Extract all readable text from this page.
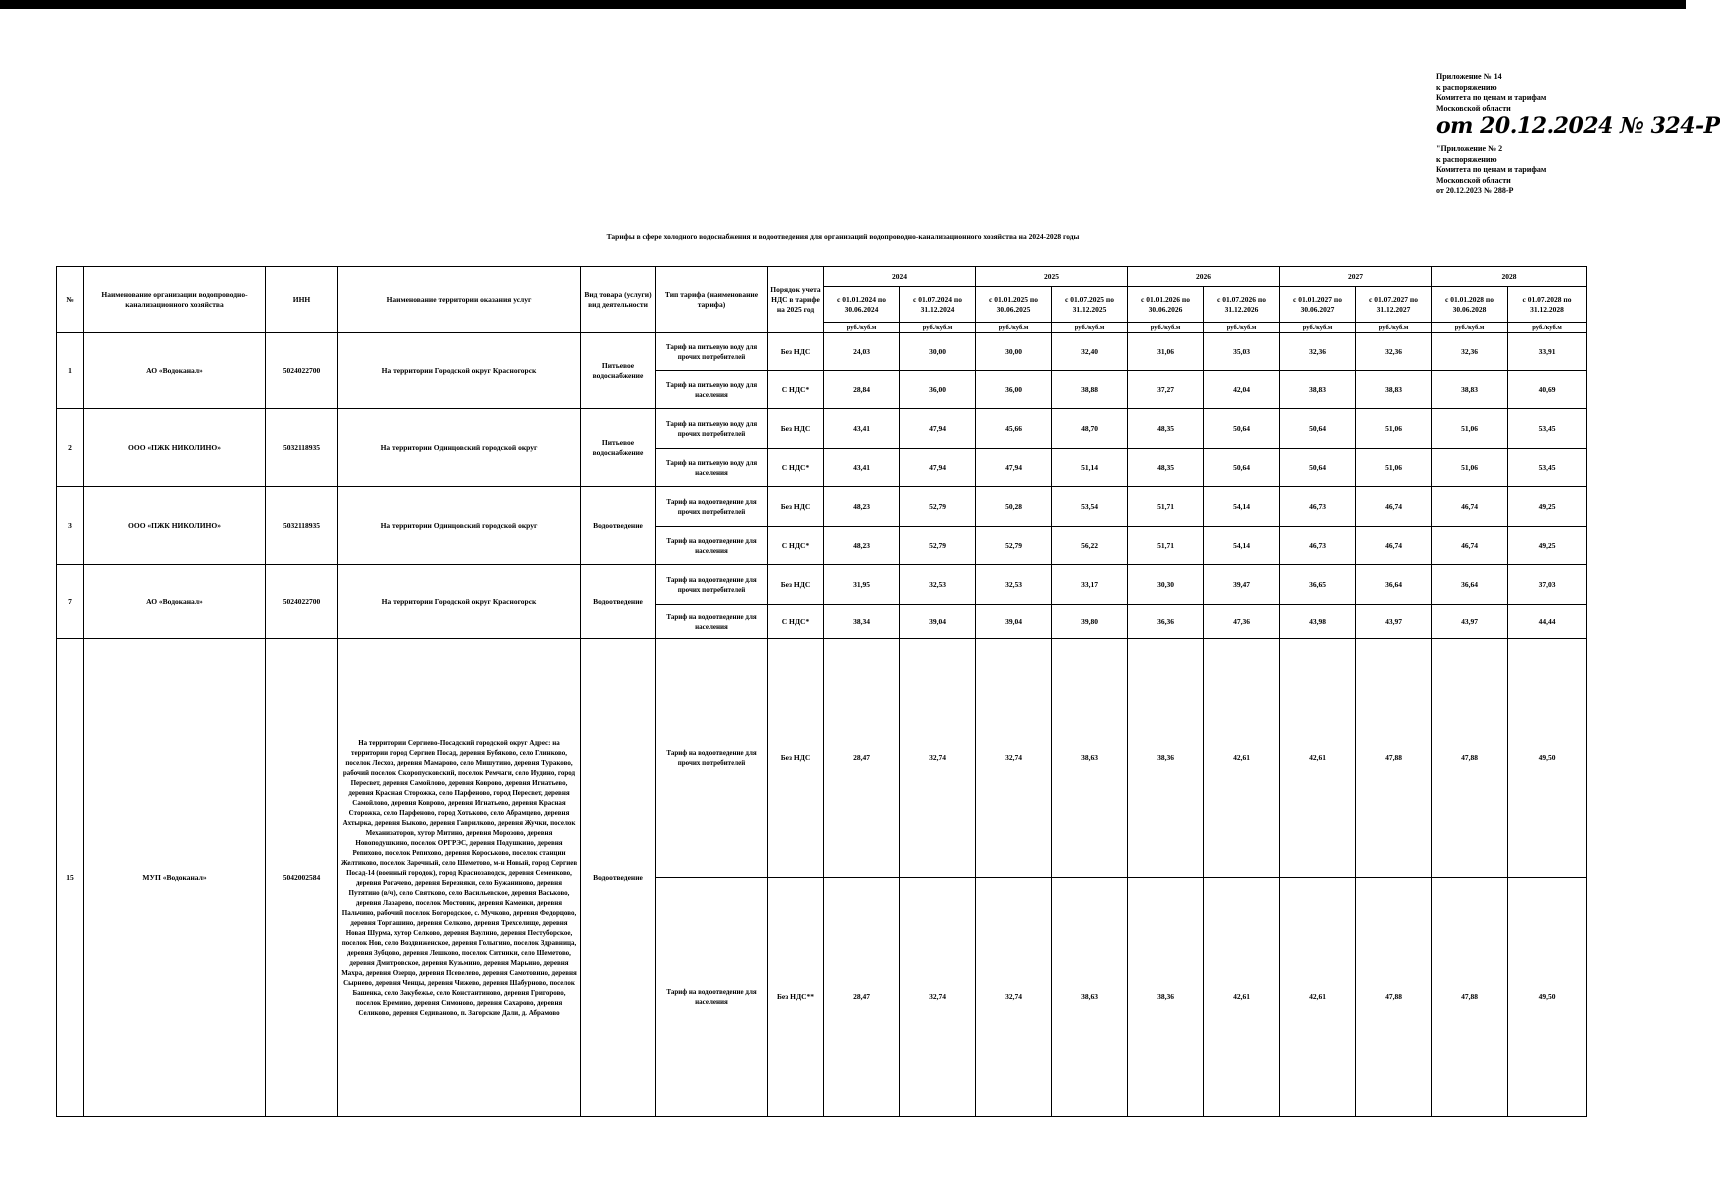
Приложение № 14
к распоряжению
Комитета по ценам и тарифам
Московской области
от 20.12.2024 № 324-Р
"Приложение № 2
к распоряжению
Комитета по ценам и тарифам
Московской области
от 20.12.2023 № 288-Р
Тарифы в сфере холодного водоснабжения и водоотведения для организаций водопроводно-канализационного хозяйства на 2024-2028 годы
№	Наименование организации водопроводно-канализационного хозяйства	ИНН	Наименование территории оказания услуг	Вид товара (услуги) вид деятельности	Тип тарифа (наименование тарифа)	Порядок учета НДС в тарифе на 2025 год	2024		2025		2026		2027		2028	
							с 01.01.2024 по 30.06.2024	с 01.07.2024 по 31.12.2024	с 01.01.2025 по 30.06.2025	с 01.07.2025 по 31.12.2025	с 01.01.2026 по 30.06.2026	с 01.07.2026 по 31.12.2026	с 01.01.2027 по 30.06.2027	с 01.07.2027 по 31.12.2027	с 01.01.2028 по 30.06.2028	с 01.07.2028 по 31.12.2028
							руб./куб.м	руб./куб.м	руб./куб.м	руб./куб.м	руб./куб.м	руб./куб.м	руб./куб.м	руб./куб.м	руб./куб.м	руб./куб.м
1	АО «Водоканал»	5024022700	На территории Городской округ Красногорск	Питьевое водоснабжение	Тариф на питьевую воду для прочих потребителей	Без НДС	24,03	30,00	30,00	32,40	31,06	35,03	32,36	32,36	32,36	33,91
					Тариф на питьевую воду для населения	С НДС*	28,84	36,00	36,00	38,88	37,27	42,04	38,83	38,83	38,83	40,69
2	ООО «ПЖК НИКОЛИНО»	5032118935	На территории Одинцовский городской округ	Питьевое водоснабжение	Тариф на питьевую воду для прочих потребителей	Без НДС	43,41	47,94	45,66	48,70	48,35	50,64	50,64	51,06	51,06	53,45
					Тариф на питьевую воду для населения	С НДС*	43,41	47,94	47,94	51,14	48,35	50,64	50,64	51,06	51,06	53,45
3	ООО «ПЖК НИКОЛИНО»	5032118935	На территории Одинцовский городской округ	Водоотведение	Тариф на водоотведение для прочих потребителей	Без НДС	48,23	52,79	50,28	53,54	51,71	54,14	46,73	46,74	46,74	49,25
					Тариф на водоотведение для населения	С НДС*	48,23	52,79	52,79	56,22	51,71	54,14	46,73	46,74	46,74	49,25
7	АО «Водоканал»	5024022700	На территории Городской округ Красногорск	Водоотведение	Тариф на водоотведение для прочих потребителей	Без НДС	31,95	32,53	32,53	33,17	30,30	39,47	36,65	36,64	36,64	37,03
					Тариф на водоотведение для населения	С НДС*	38,34	39,04	39,04	39,80	36,36	47,36	43,98	43,97	43,97	44,44
15	МУП «Водоканал»	5042002584	На территории Сергиево-Посадский городской округ Адрес: на территории город Сергиев Посад, деревня Бубяково, село Глинково, поселок Лесхоз, деревня Мамарово, село Мишутино, деревня Тураково, рабочий поселок Скоропусковский, поселок Ремчаги, село Иудино, город Пересвет, деревня Самойлово, деревня Коврово, деревня Игнатьево, деревня Красная Сторожка, село Парфеново, город Пересвет, деревня Самойлово, деревня Коврово, деревня Игнатьево, деревня Красная Сторожка, село Парфеново, город Хотьково, село Абрамцево, деревня Ахтырка, деревня Быково, деревня Гаврилково, деревня Жучки, поселок Механизаторов, хутор Митино, деревня Морозово, деревня Новоподушкино, поселок ОРГРЭС, деревня Подушкино, деревня Репихово, поселок Репихово, деревня Короськово, поселок станции Желтиково, поселок Заречный, село Шеметово, м-н Новый, город Сергиев Посад-14 (военный городок), город Краснозаводск, деревня Семенково, деревня Рогачево, деревня Березняки, село Бужаниново, деревня Путятино (в/ч), село Святково, село Васильевское, деревня Васьково, деревня Лазарево, поселок Мостовик, деревня Каменки, деревня Пальчино, рабочий поселок Богородское, с. Мучково, деревня Федорцово, деревня Торгашино, деревня Селково, деревня Трехселище, деревня Новая Шурма, хутор Селково, деревня Ваулино, деревня Пестуборское, поселок Нов, село Воздвиженское, деревня Голыгино, поселок Здравница, деревня Зубцово, деревня Лешково, поселок Ситники, село Шеметово, деревня Дмитровское, деревня Кузьмино, деревня Марьино, деревня Махра, деревня Озерцо, деревня Псевелево, деревня Самотовино, деревня Сырнево, деревня Ченцы, деревня Чижево, деревня Шабурново, поселок Башенка, село Закубежье, село Константиново, деревня Григорово, поселок Еремино, деревня Симоново, деревня Сахарово, деревня Селиково, деревня Седиваново, п. Загорские Дали, д. Абрамово	Водоотведение	Тариф на водоотведение для прочих потребителей	Без НДС	28,47	32,74	32,74	38,63	38,36	42,61	42,61	47,88	47,88	49,50
					Тариф на водоотведение для населения	Без НДС**	28,47	32,74	32,74	38,63	38,36	42,61	42,61	47,88	47,88	49,50
